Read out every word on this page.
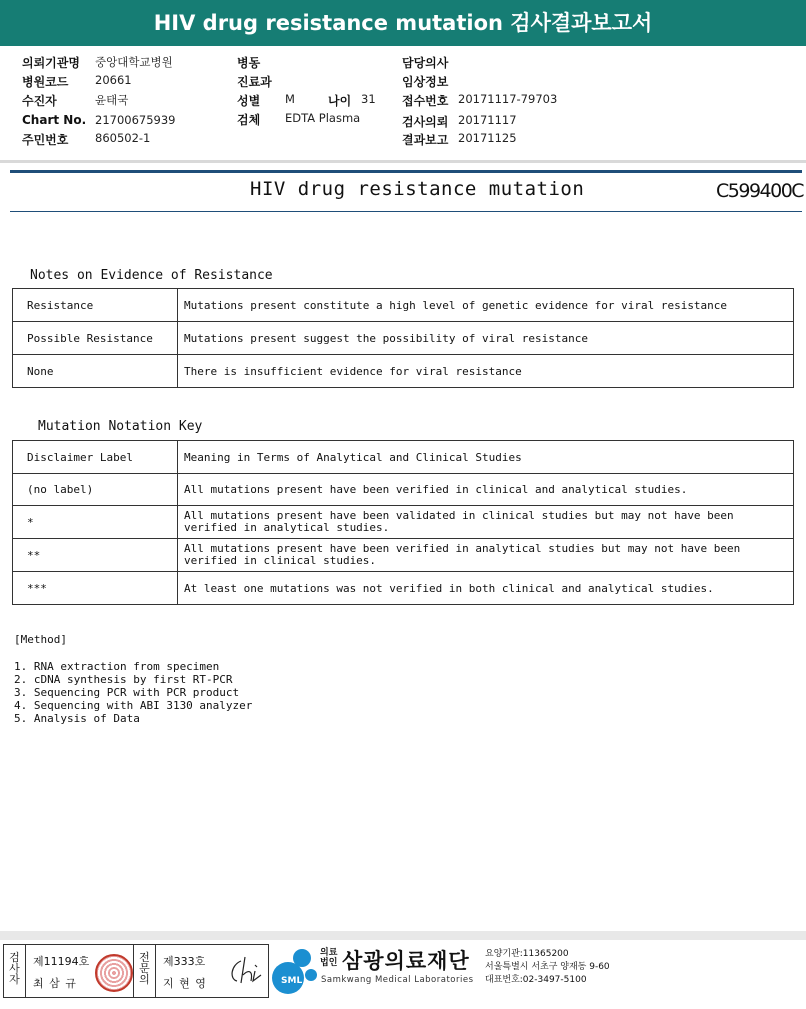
HIV drug resistance mutation 검사결과보고서
의뢰기관명 중앙대학교병원
병원코드 20661
수진자	윤태국
Chart No. 21700675939
주민번호 860502-1
병동
진료과
성별 M	나이 31
검체 EDTA Plasma
담당의사
임상정보
접수번호 20171117-79703
검사의뢰 20171117
결과보고 20171125
HIV drug resistance mutation	C599400C
Notes on Evidence of Resistance
Resistance	Mutations present constitute a high level of genetic evidence for viral resistance
Possible Resistance	Mutations present suggest the possibility of viral resistance
None	There is insufficient evidence for viral resistance
Mutation Notation Key
Disclaimer Label	Meaning in Terms of Analytical and Clinical Studies
(no label)	All mutations present have been verified in clinical and analytical studies.
*	All mutations present have been validated in clinical studies but may not have been verified in analytical studies.
**	All mutations present have been verified in analytical studies but may not have been verified in clinical studies.
***	At least one mutations was not verified in both clinical and analytical studies.
[Method]
1. RNA extraction from specimen
2. cDNA synthesis by first RT-PCR
3. Sequencing PCR with PCR product
4. Sequencing with ABI 3130 analyzer
5. Analysis of Data
검사자
제11194호
최 삼 규
전문의
제333호
지 현 영	SML
의료법인 삼광의료재단
Samkwang Medical Laboratories
요양기관:11365200
서울특별시 서초구 양재동 9-60
대표번호:02-3497-5100
